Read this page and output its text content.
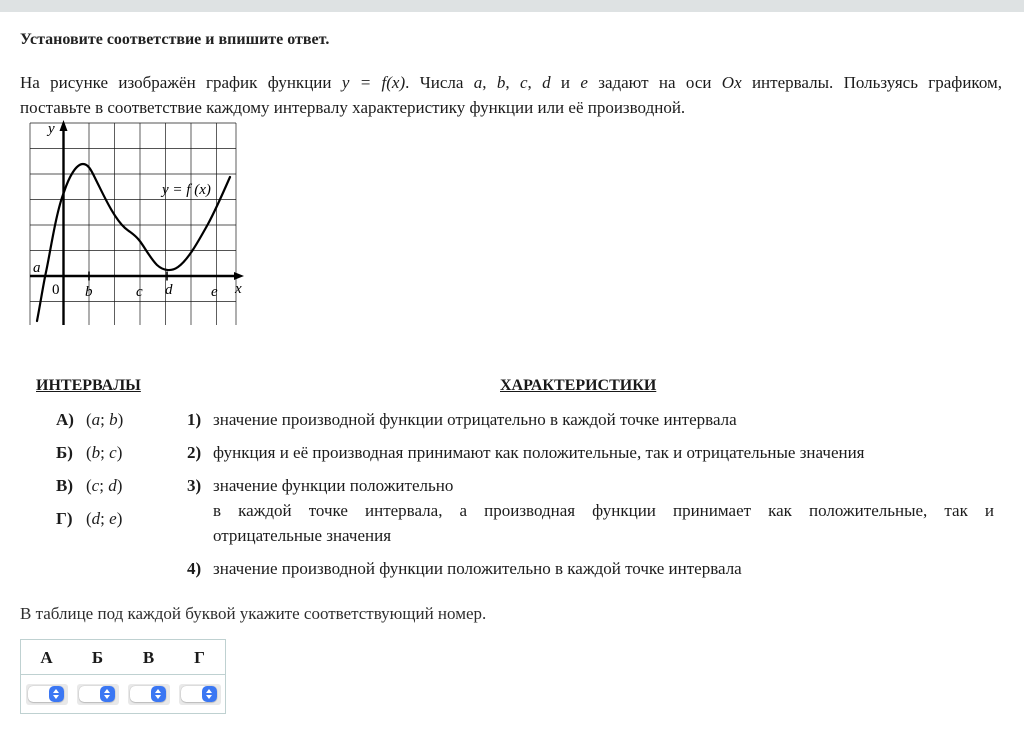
Установите соответствие и впишите ответ.
На рисунке изображён график функции y = f(x). Числа a, b, c, d и e задают на оси Ox интервалы. Пользуясь графиком,
поставьте в соответствие каждому интервалу характеристику функции или её производной.
y
x
a
0 b	c d	e
y = f (x)
ИНТЕРВАЛЫ	ХАРАКТЕРИСТИКИ
А) (a; b)
Б) (b; c)
В) (c; d)
Г) (d; e)
1) значение производной функции отрицательно в каждой точке интервала
2) функция и её производная принимают как положительные, так и отрицательные значения
3) значение функции положительно
в каждой точке интервала, а производная функции принимает как положительные, так и
отрицательные значения
4) значение производной функции положительно в каждой точке интервала
В таблице под каждой буквой укажите соответствующий номер.
А	Б	В	Г
